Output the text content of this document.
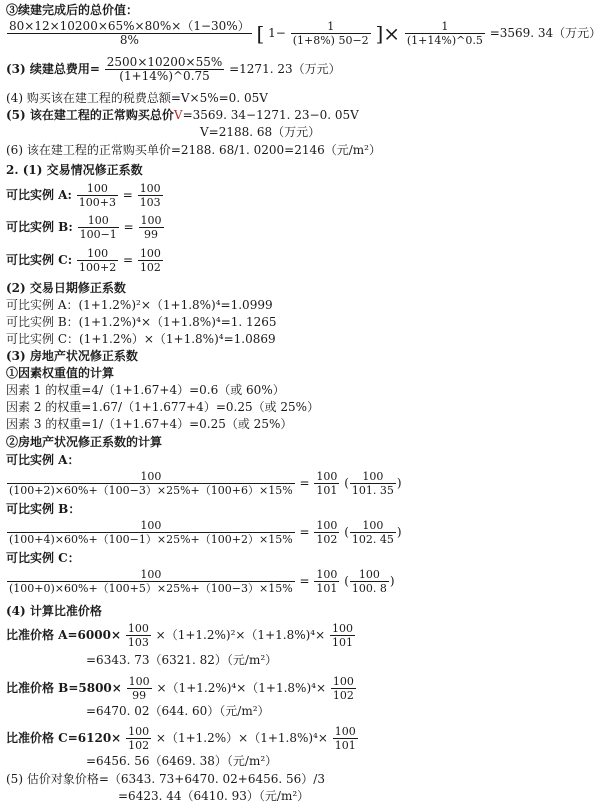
③续建完成后的总价值：
$\frac{80\times 12\times 10200\times 65\%\times 80\%\times(1-30\%)}{8\%}$ [ $1- \frac{1}{(1+8\%) 50-2}$ ]× $\frac{1}{(1+14\%)\^{}0.5} =3569$. 34（万元）
(3) 续建总费用= $\frac{2500\times 10200\times 55\%}{(1+14\%)\^{}0.75} =1271$. 23（万元）
(4) 购买该在建工程的税费总额=V×5%=0. 05V
(5) 该在建工程的正常购买总价V=3569. 34−1271. 23−0. 05V
V=2188. 68（万元）
(6) 该在建工程的正常购买单价=2188. 68/1. 0200=2146（元/m²）
2. (1) 交易情况修正系数
可比实例 A: $\frac{100}{100+3} = \frac{100}{103}$
可比实例 B: $\frac{100}{100-1} = \frac{100}{99}$
可比实例 C: $\frac{100}{100+2} = \frac{100}{102}$
(2) 交易日期修正系数
可比实例 A：(1+1.2%)²×（1+1.8%)⁴=1.0999
可比实例 B：(1+1.2%)⁴×（1+1.8%)⁴=1. 1265
可比实例 C：(1+1.2%）×（1+1.8%)⁴=1.0869
(3) 房地产状况修正系数
①因素权重值的计算
因素 1 的权重=4/（1+1.67+4）=0.6（或 60%）
因素 2 的权重=1.67/（1+1.677+4）=0.25（或 25%）
因素 3 的权重=1/（1+1.67+4）=0.25（或 25%）
②房地产状况修正系数的计算
可比实例 A：
$\frac{100}{(100+2)\times 60\%+(100-3)\times 25\%+(100+6)\times 15\%} = \frac{100}{101}$ ( $\frac{100}{101. 35}$ )
可比实例 B：
$\frac{100}{(100+4)\times 60\%+(100-1)\times 25\%+(100+2)\times 15\%} = \frac{100}{102}$ ( $\frac{100}{102. 45}$ )
可比实例 C：
$\frac{100}{(100+0)\times 60\%+(100+5)\times 25\%+(100-3)\times 15\%} = \frac{100}{101}$ ( $\frac{100}{100. 8}$ )
(4) 计算比准价格
比准价格 $A=6000\times \frac{100}{103} \times(1+1.2\%)^2\times(1+1.8\%)^4\times \frac{100}{101}$
=6343. 73（6321. 82）（元/m²）
比准价格 $B=5800\times \frac{100}{99} \times(1+1.2\%)^4\times(1+1.8\%)^4\times \frac{100}{102}$
=6470. 02（644. 60）（元/m²）
比准价格 $C=6120\times \frac{100}{102} \times(1+1.2\%)\times(1+1.8\%)^4\times \frac{100}{101}$
=6456. 56（6469. 38）（元/m²）
(5) 估价对象价格=（6343. 73+6470. 02+6456. 56）/3
=6423. 44（6410. 93）（元/m²）
